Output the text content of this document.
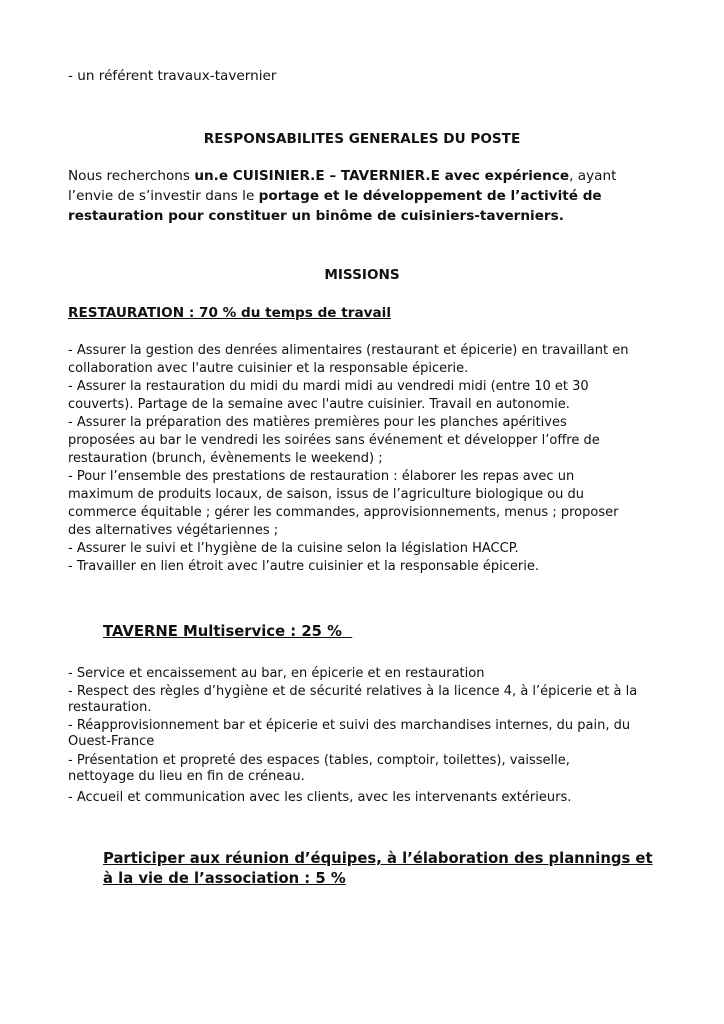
- un référent travaux-tavernier
RESPONSABILITES GENERALES DU POSTE
Nous recherchons un.e CUISINIER.E – TAVERNIER.E avec expérience, ayant
l’envie de s’investir dans le portage et le développement de l’activité de
restauration pour constituer un binôme de cuisiniers-taverniers.
MISSIONS
RESTAURATION : 70 % du temps de travail
- Assurer la gestion des denrées alimentaires (restaurant et épicerie) en travaillant en
collaboration avec l'autre cuisinier et la responsable épicerie.
- Assurer la restauration du midi du mardi midi au vendredi midi (entre 10 et 30
couverts). Partage de la semaine avec l'autre cuisinier. Travail en autonomie.
- Assurer la préparation des matières premières pour les planches apéritives
proposées au bar le vendredi les soirées sans événement et développer l’offre de
restauration (brunch, évènements le weekend) ;
- Pour l’ensemble des prestations de restauration : élaborer les repas avec un
maximum de produits locaux, de saison, issus de l’agriculture biologique ou du
commerce équitable ; gérer les commandes, approvisionnements, menus ; proposer
des alternatives végétariennes ;
- Assurer le suivi et l’hygiène de la cuisine selon la législation HACCP.
- Travailler en lien étroit avec l’autre cuisinier et la responsable épicerie.
TAVERNE Multiservice : 25 %
- Service et encaissement au bar, en épicerie et en restauration
- Respect des règles d’hygiène et de sécurité relatives à la licence 4, à l’épicerie et à la
restauration.
- Réapprovisionnement bar et épicerie et suivi des marchandises internes, du pain, du
Ouest-France
- Présentation et propreté des espaces (tables, comptoir, toilettes), vaisselle,
nettoyage du lieu en fin de créneau.
- Accueil et communication avec les clients, avec les intervenants extérieurs.
Participer aux réunion d’équipes, à l’élaboration des plannings et
à la vie de l’association : 5 %
